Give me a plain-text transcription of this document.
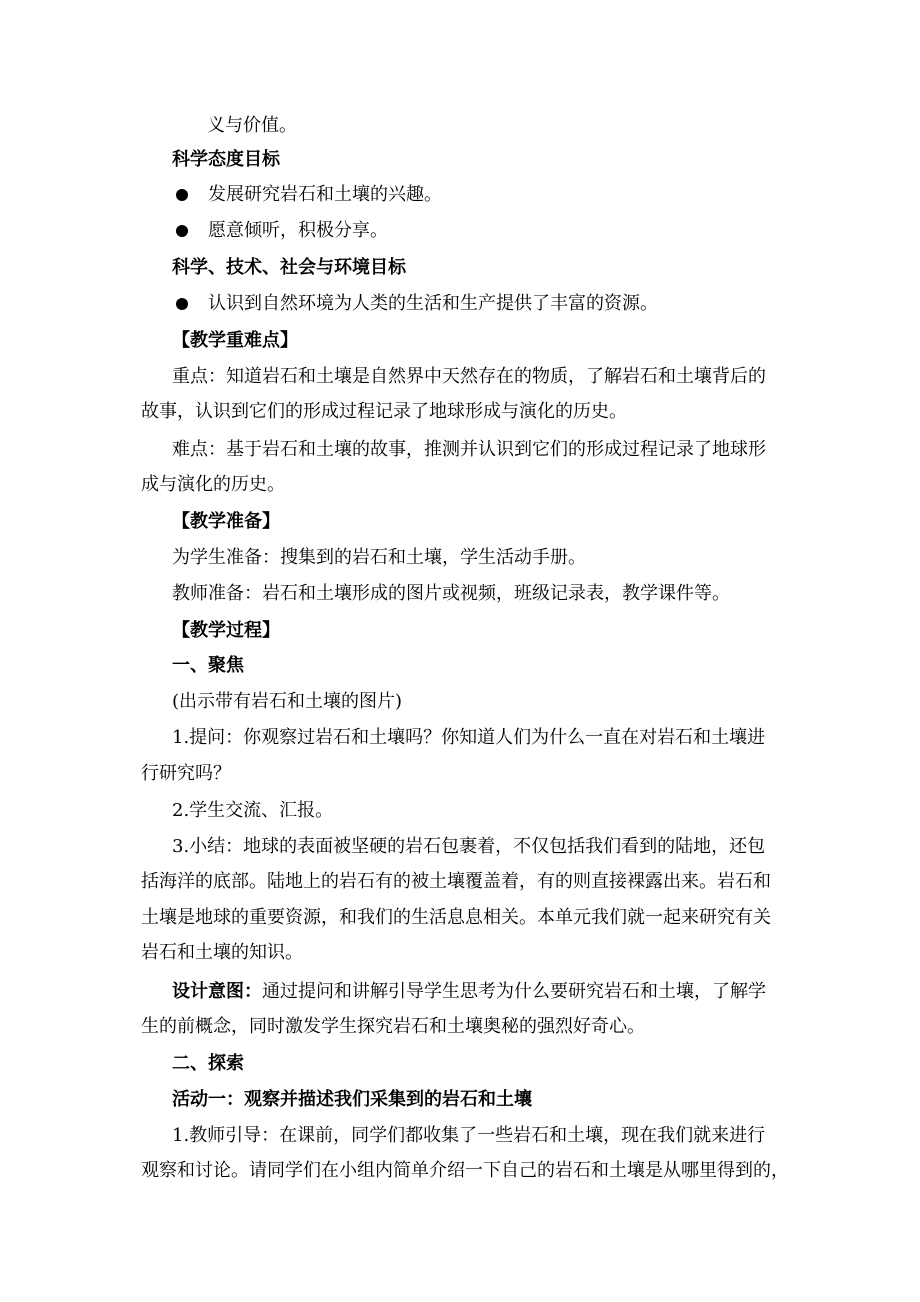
义与价值。
科学态度目标
发展研究岩石和土壤的兴趣。
愿意倾听，积极分享。
科学、技术、社会与环境目标
认识到自然环境为人类的生活和生产提供了丰富的资源。
【教学重难点】
重点：知道岩石和土壤是自然界中天然存在的物质，了解岩石和土壤背后的
故事，认识到它们的形成过程记录了地球形成与演化的历史。
难点：基于岩石和土壤的故事，推测并认识到它们的形成过程记录了地球形
成与演化的历史。
【教学准备】
为学生准备：搜集到的岩石和土壤，学生活动手册。
教师准备：岩石和土壤形成的图片或视频，班级记录表，教学课件等。
【教学过程】
一、聚焦
(出示带有岩石和土壤的图片)
1.提问：你观察过岩石和土壤吗？你知道人们为什么一直在对岩石和土壤进
行研究吗？
2.学生交流、汇报。
3.小结：地球的表面被坚硬的岩石包裹着，不仅包括我们看到的陆地，还包
括海洋的底部。陆地上的岩石有的被土壤覆盖着，有的则直接裸露出来。岩石和
土壤是地球的重要资源，和我们的生活息息相关。本单元我们就一起来研究有关
岩石和土壤的知识。
设计意图：通过提问和讲解引导学生思考为什么要研究岩石和土壤，了解学
生的前概念，同时激发学生探究岩石和土壤奥秘的强烈好奇心。
二、探索
活动一：观察并描述我们采集到的岩石和土壤
1.教师引导：在课前，同学们都收集了一些岩石和土壤，现在我们就来进行
观察和讨论。请同学们在小组内简单介绍一下自己的岩石和土壤是从哪里得到的，
